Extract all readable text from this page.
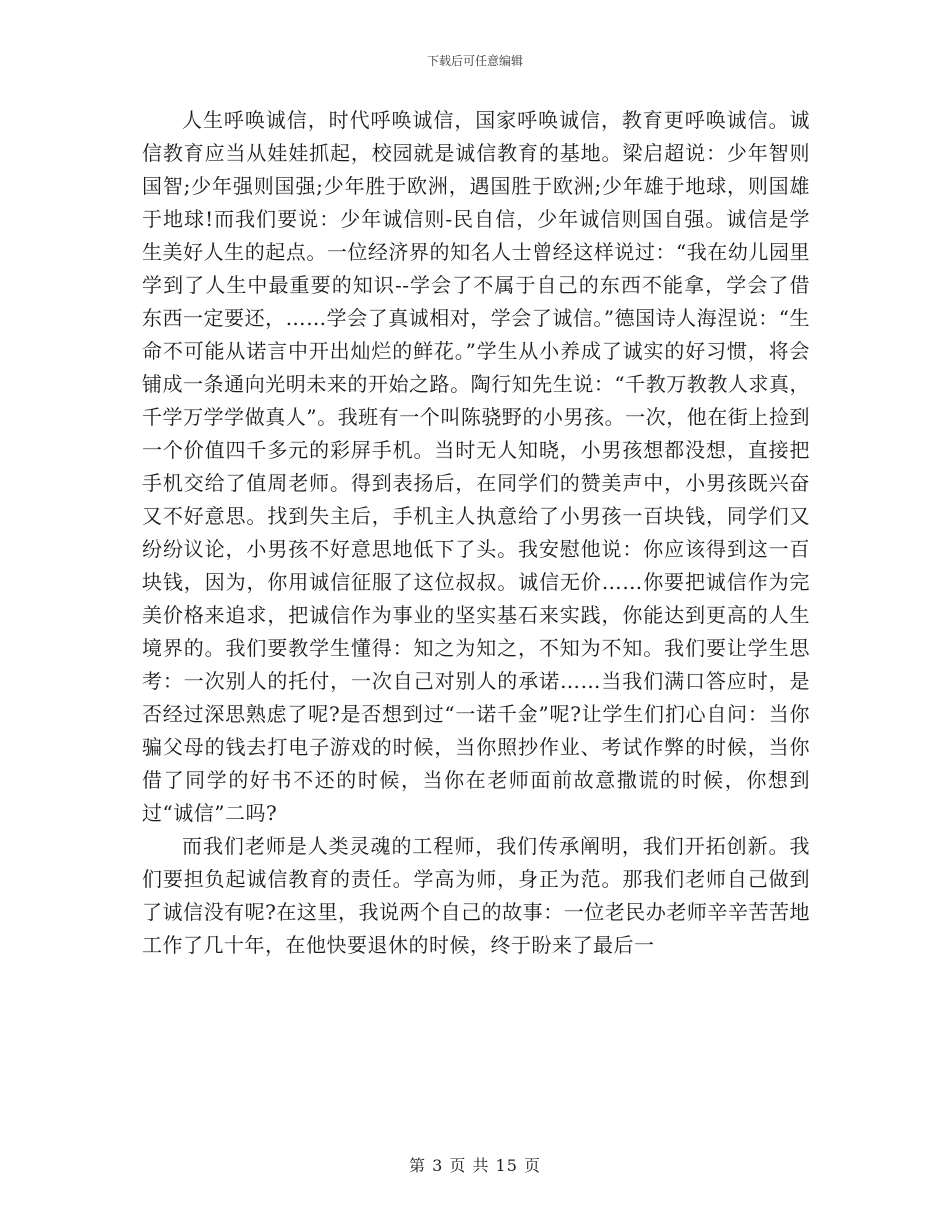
下载后可任意编辑

人生呼唤诚信，时代呼唤诚信，国家呼唤诚信，教育更呼唤诚信。诚信教育应当从娃娃抓起，校园就是诚信教育的基地。梁启超说：少年智则国智;少年强则国强;少年胜于欧洲，遇国胜于欧洲;少年雄于地球，则国雄于地球!而我们要说：少年诚信则-民自信，少年诚信则国自强。诚信是学生美好人生的起点。一位经济界的知名人士曾经这样说过：“我在幼儿园里学到了人生中最重要的知识--学会了不属于自己的东西不能拿，学会了借东西一定要还，……学会了真诚相对，学会了诚信。”德国诗人海涅说：“生命不可能从诺言中开出灿烂的鲜花。”学生从小养成了诚实的好习惯，将会铺成一条通向光明未来的开始之路。陶行知先生说：“千教万教教人求真，千学万学学做真人”。我班有一个叫陈骁野的小男孩。一次，他在街上捡到一个价值四千多元的彩屏手机。当时无人知晓，小男孩想都没想，直接把手机交给了值周老师。得到表扬后，在同学们的赞美声中，小男孩既兴奋又不好意思。找到失主后，手机主人执意给了小男孩一百块钱，同学们又纷纷议论，小男孩不好意思地低下了头。我安慰他说：你应该得到这一百块钱，因为，你用诚信征服了这位叔叔。诚信无价……你要把诚信作为完美价格来追求，把诚信作为事业的坚实基石来实践，你能达到更高的人生境界的。我们要教学生懂得：知之为知之，不知为不知。我们要让学生思考：一次别人的托付，一次自己对别人的承诺……当我们满口答应时，是否经过深思熟虑了呢?是否想到过“一诺千金”呢?让学生们扪心自问：当你骗父母的钱去打电子游戏的时候，当你照抄作业、考试作弊的时候，当你借了同学的好书不还的时候，当你在老师面前故意撒谎的时候，你想到过“诚信”二吗?

而我们老师是人类灵魂的工程师，我们传承阐明，我们开拓创新。我们要担负起诚信教育的责任。学高为师，身正为范。那我们老师自己做到了诚信没有呢?在这里，我说两个自己的故事：一位老民办老师辛辛苦苦地工作了几十年，在他快要退休的时候，终于盼来了最后一

第 3 页 共 15 页
